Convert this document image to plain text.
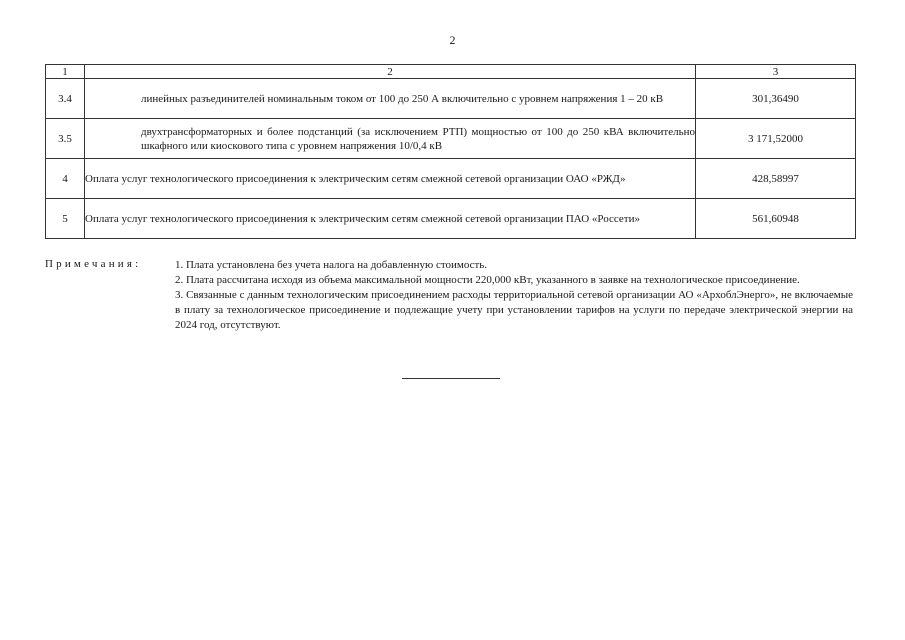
2
1	2	3
3.4	линейных разъединителей номинальным током от 100 до 250 А включительно с уровнем напряжения 1 – 20 кВ	301,36490
3.5	двухтрансформаторных и более подстанций (за исключением РТП) мощностью от 100 до 250 кВА включительно шкафного или киоскового типа с уровнем напряжения 10/0,4 кВ	3 171,52000
4	Оплата услуг технологического присоединения к электрическим сетям смежной сетевой организации ОАО «РЖД»	428,58997
5	Оплата услуг технологического присоединения к электрическим сетям смежной сетевой организации ПАО «Россети»	561,60948
Примечания:	1. Плата установлена без учета налога на добавленную стоимость.

2. Плата рассчитана исходя из объема максимальной мощности 220,000 кВт, указанного в заявке на технологическое присоединение.

3. Связанные с данным технологическим присоединением расходы территориальной сетевой организации АО «АрхоблЭнерго», не включаемые в плату за технологическое присоединение и подлежащие учету при установлении тарифов на услуги по передаче электрической энергии на 2024 год, отсутствуют.
